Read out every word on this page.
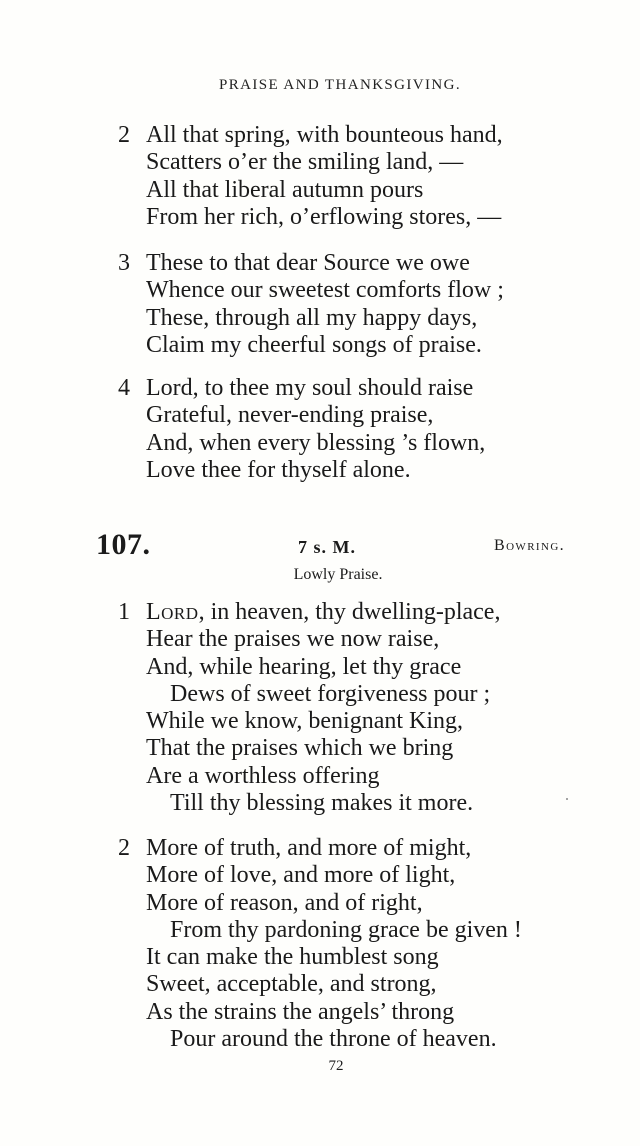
PRAISE AND THANKSGIVING.
2 All that spring, with bounteous hand,
Scatters o’er the smiling land, —
All that liberal autumn pours
From her rich, o’erflowing stores, —
3 These to that dear Source we owe
Whence our sweetest comforts flow ;
These, through all my happy days,
Claim my cheerful songs of praise.
4 Lord, to thee my soul should raise
Grateful, never-ending praise,
And, when every blessing ’s flown,
Love thee for thyself alone.
107.	7 s. M.	Bowring.
Lowly Praise.
1 Lord, in heaven, thy dwelling-place,
Hear the praises we now raise,
And, while hearing, let thy grace
Dews of sweet forgiveness pour ;
While we know, benignant King,
That the praises which we bring
Are a worthless offering
Till thy blessing makes it more.
2 More of truth, and more of might,
More of love, and more of light,
More of reason, and of right,
From thy pardoning grace be given !
It can make the humblest song
Sweet, acceptable, and strong,
As the strains the angels’ throng
Pour around the throne of heaven.
72
